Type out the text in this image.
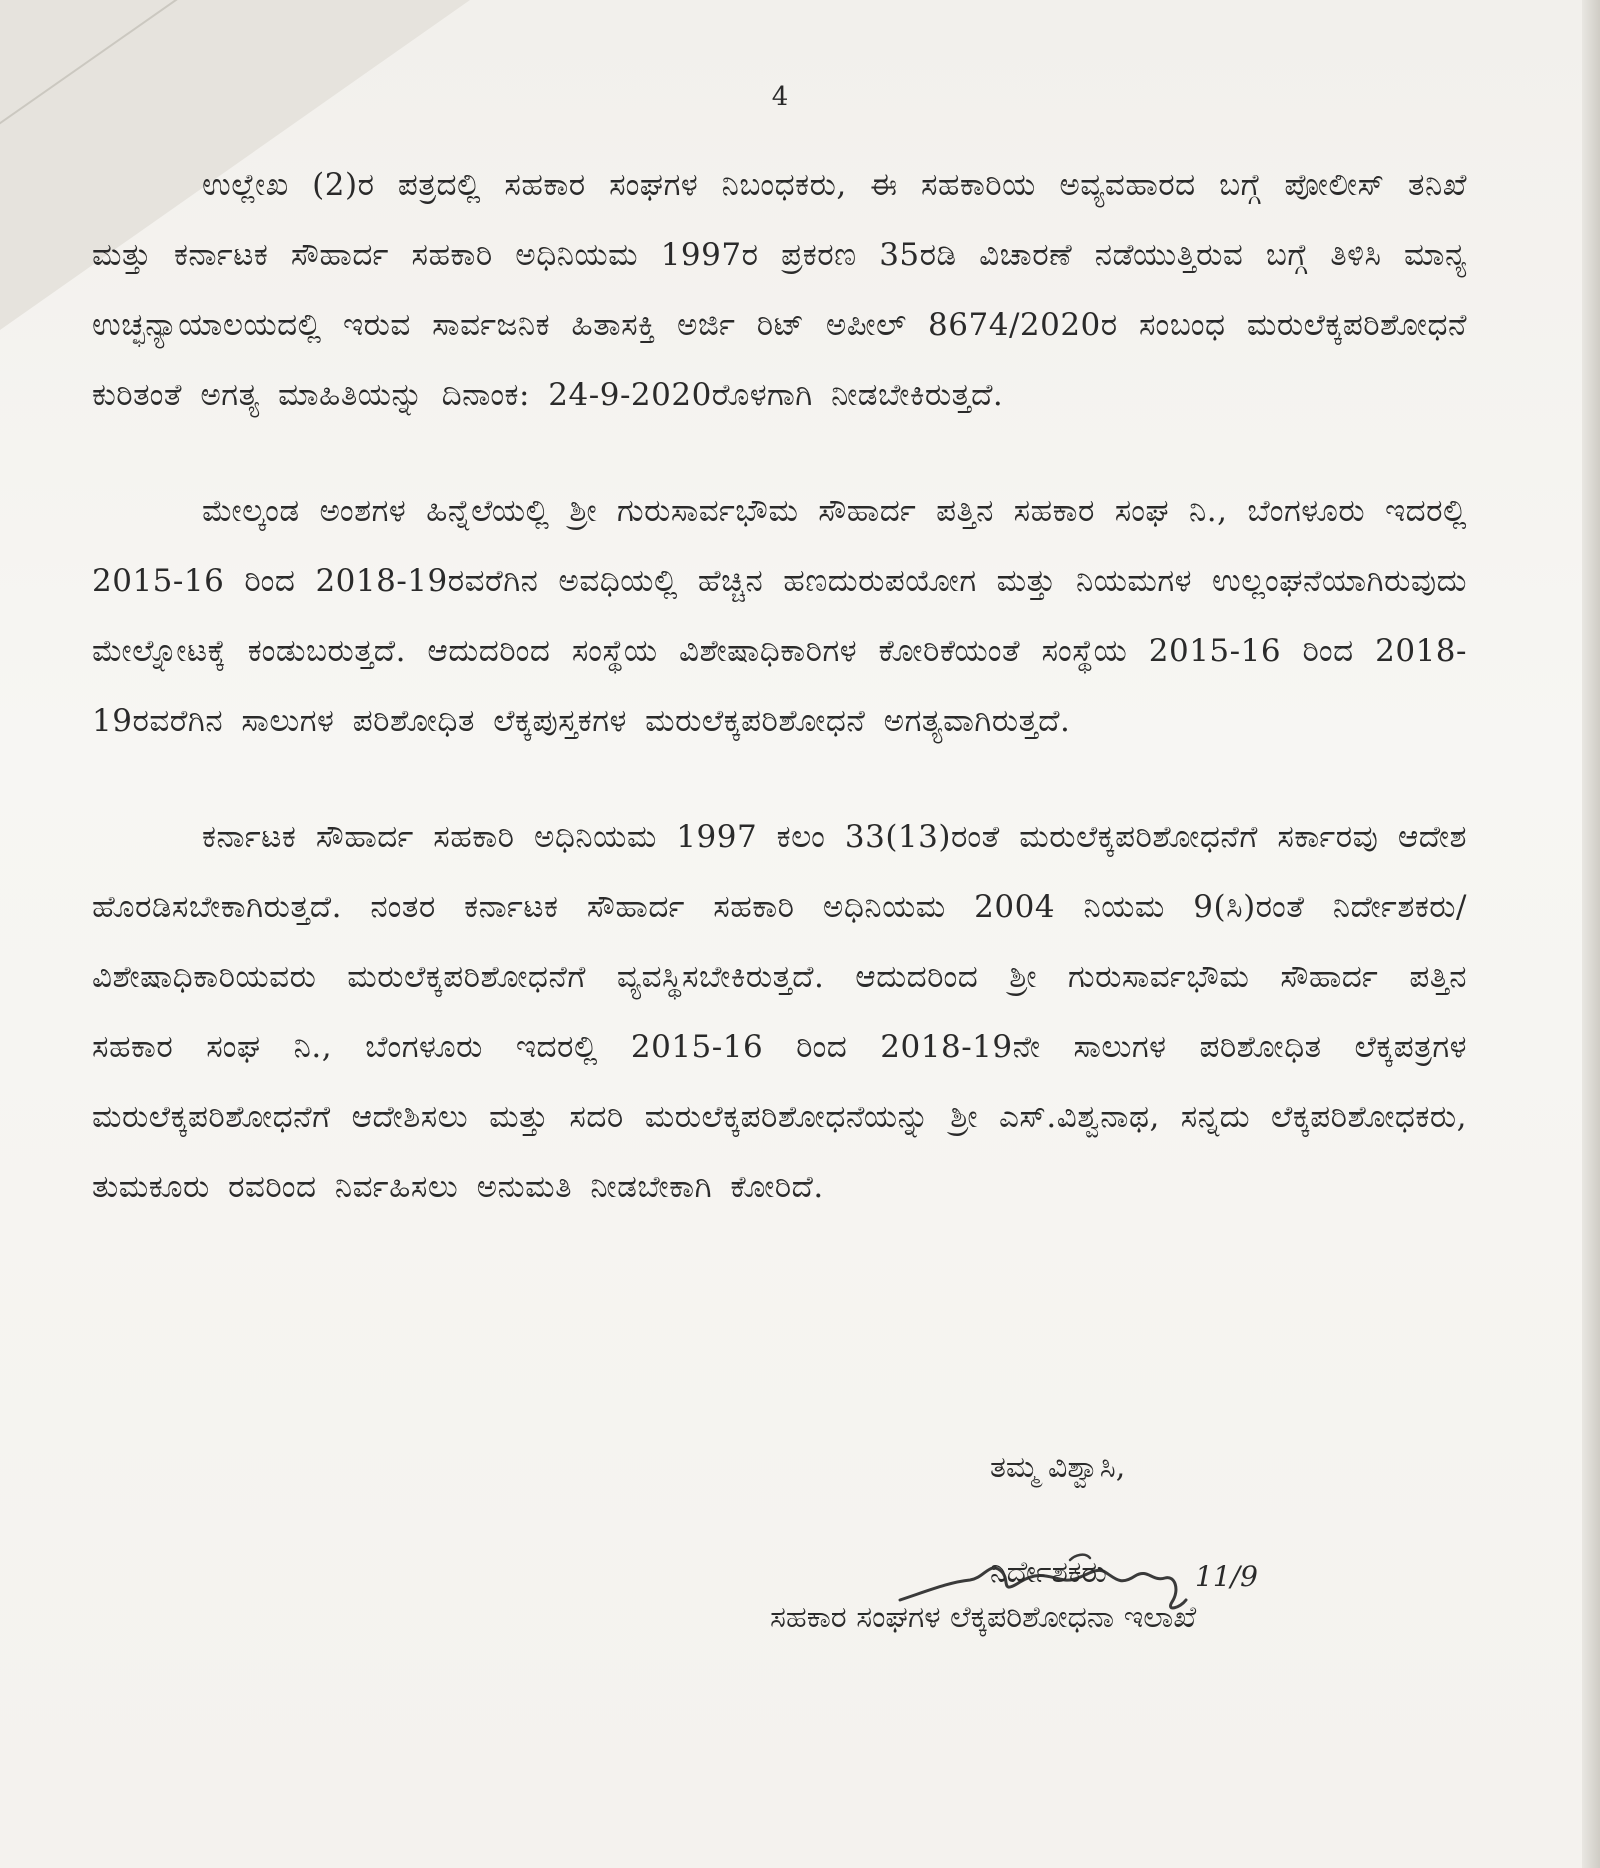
4

ಉಲ್ಲೇಖ (2)ರ ಪತ್ರದಲ್ಲಿ ಸಹಕಾರ ಸಂಘಗಳ ನಿಬಂಧಕರು, ಈ ಸಹಕಾರಿಯ ಅವ್ಯವಹಾರದ ಬಗ್ಗೆ ಪೋಲೀಸ್ ತನಿಖೆ ಮತ್ತು ಕರ್ನಾಟಕ ಸೌಹಾರ್ದ ಸಹಕಾರಿ ಅಧಿನಿಯಮ 1997ರ ಪ್ರಕರಣ 35ರಡಿ ವಿಚಾರಣೆ ನಡೆಯುತ್ತಿರುವ ಬಗ್ಗೆ ತಿಳಿಸಿ ಮಾನ್ಯ ಉಚ್ಛನ್ಯಾಯಾಲಯದಲ್ಲಿ ಇರುವ ಸಾರ್ವಜನಿಕ ಹಿತಾಸಕ್ತಿ ಅರ್ಜಿ ರಿಟ್ ಅಪೀಲ್ 8674/2020ರ ಸಂಬಂಧ ಮರುಲೆಕ್ಕಪರಿಶೋಧನೆ ಕುರಿತಂತೆ ಅಗತ್ಯ ಮಾಹಿತಿಯನ್ನು ದಿನಾಂಕ: 24-9-2020ರೊಳಗಾಗಿ ನೀಡಬೇಕಿರುತ್ತದೆ.

ಮೇಲ್ಕಂಡ ಅಂಶಗಳ ಹಿನ್ನೆಲೆಯಲ್ಲಿ ಶ್ರೀ ಗುರುಸಾರ್ವಭೌಮ ಸೌಹಾರ್ದ ಪತ್ತಿನ ಸಹಕಾರ ಸಂಘ ನಿ., ಬೆಂಗಳೂರು ಇದರಲ್ಲಿ 2015-16 ರಿಂದ 2018-19ರವರೆಗಿನ ಅವಧಿಯಲ್ಲಿ ಹೆಚ್ಚಿನ ಹಣದುರುಪಯೋಗ ಮತ್ತು ನಿಯಮಗಳ ಉಲ್ಲಂಘನೆಯಾಗಿರುವುದು ಮೇಲ್ನೋಟಕ್ಕೆ ಕಂಡುಬರುತ್ತದೆ. ಆದುದರಿಂದ ಸಂಸ್ಥೆಯ ವಿಶೇಷಾಧಿಕಾರಿಗಳ ಕೋರಿಕೆಯಂತೆ ಸಂಸ್ಥೆಯ 2015-16 ರಿಂದ 2018-19ರವರೆಗಿನ ಸಾಲುಗಳ ಪರಿಶೋಧಿತ ಲೆಕ್ಕಪುಸ್ತಕಗಳ ಮರುಲೆಕ್ಕಪರಿಶೋಧನೆ ಅಗತ್ಯವಾಗಿರುತ್ತದೆ.

ಕರ್ನಾಟಕ ಸೌಹಾರ್ದ ಸಹಕಾರಿ ಅಧಿನಿಯಮ 1997 ಕಲಂ 33(13)ರಂತೆ ಮರುಲೆಕ್ಕಪರಿಶೋಧನೆಗೆ ಸರ್ಕಾರವು ಆದೇಶ ಹೊರಡಿಸಬೇಕಾಗಿರುತ್ತದೆ. ನಂತರ ಕರ್ನಾಟಕ ಸೌಹಾರ್ದ ಸಹಕಾರಿ ಅಧಿನಿಯಮ 2004 ನಿಯಮ 9(ಸಿ)ರಂತೆ ನಿರ್ದೇಶಕರು/ ವಿಶೇಷಾಧಿಕಾರಿಯವರು ಮರುಲೆಕ್ಕಪರಿಶೋಧನೆಗೆ ವ್ಯವಸ್ಥಿಸಬೇಕಿರುತ್ತದೆ. ಆದುದರಿಂದ ಶ್ರೀ ಗುರುಸಾರ್ವಭೌಮ ಸೌಹಾರ್ದ ಪತ್ತಿನ ಸಹಕಾರ ಸಂಘ ನಿ., ಬೆಂಗಳೂರು ಇದರಲ್ಲಿ 2015-16 ರಿಂದ 2018-19ನೇ ಸಾಲುಗಳ ಪರಿಶೋಧಿತ ಲೆಕ್ಕಪತ್ರಗಳ ಮರುಲೆಕ್ಕಪರಿಶೋಧನೆಗೆ ಆದೇಶಿಸಲು ಮತ್ತು ಸದರಿ ಮರುಲೆಕ್ಕಪರಿಶೋಧನೆಯನ್ನು ಶ್ರೀ ಎಸ್.ವಿಶ್ವನಾಥ, ಸನ್ನದು ಲೆಕ್ಕಪರಿಶೋಧಕರು, ತುಮಕೂರು ರವರಿಂದ ನಿರ್ವಹಿಸಲು ಅನುಮತಿ ನೀಡಬೇಕಾಗಿ ಕೋರಿದೆ.

ತಮ್ಮ ವಿಶ್ವಾಸಿ,
ನಿರ್ದೇಶಕರು	11/9
ಸಹಕಾರ ಸಂಘಗಳ ಲೆಕ್ಕಪರಿಶೋಧನಾ ಇಲಾಖೆ
